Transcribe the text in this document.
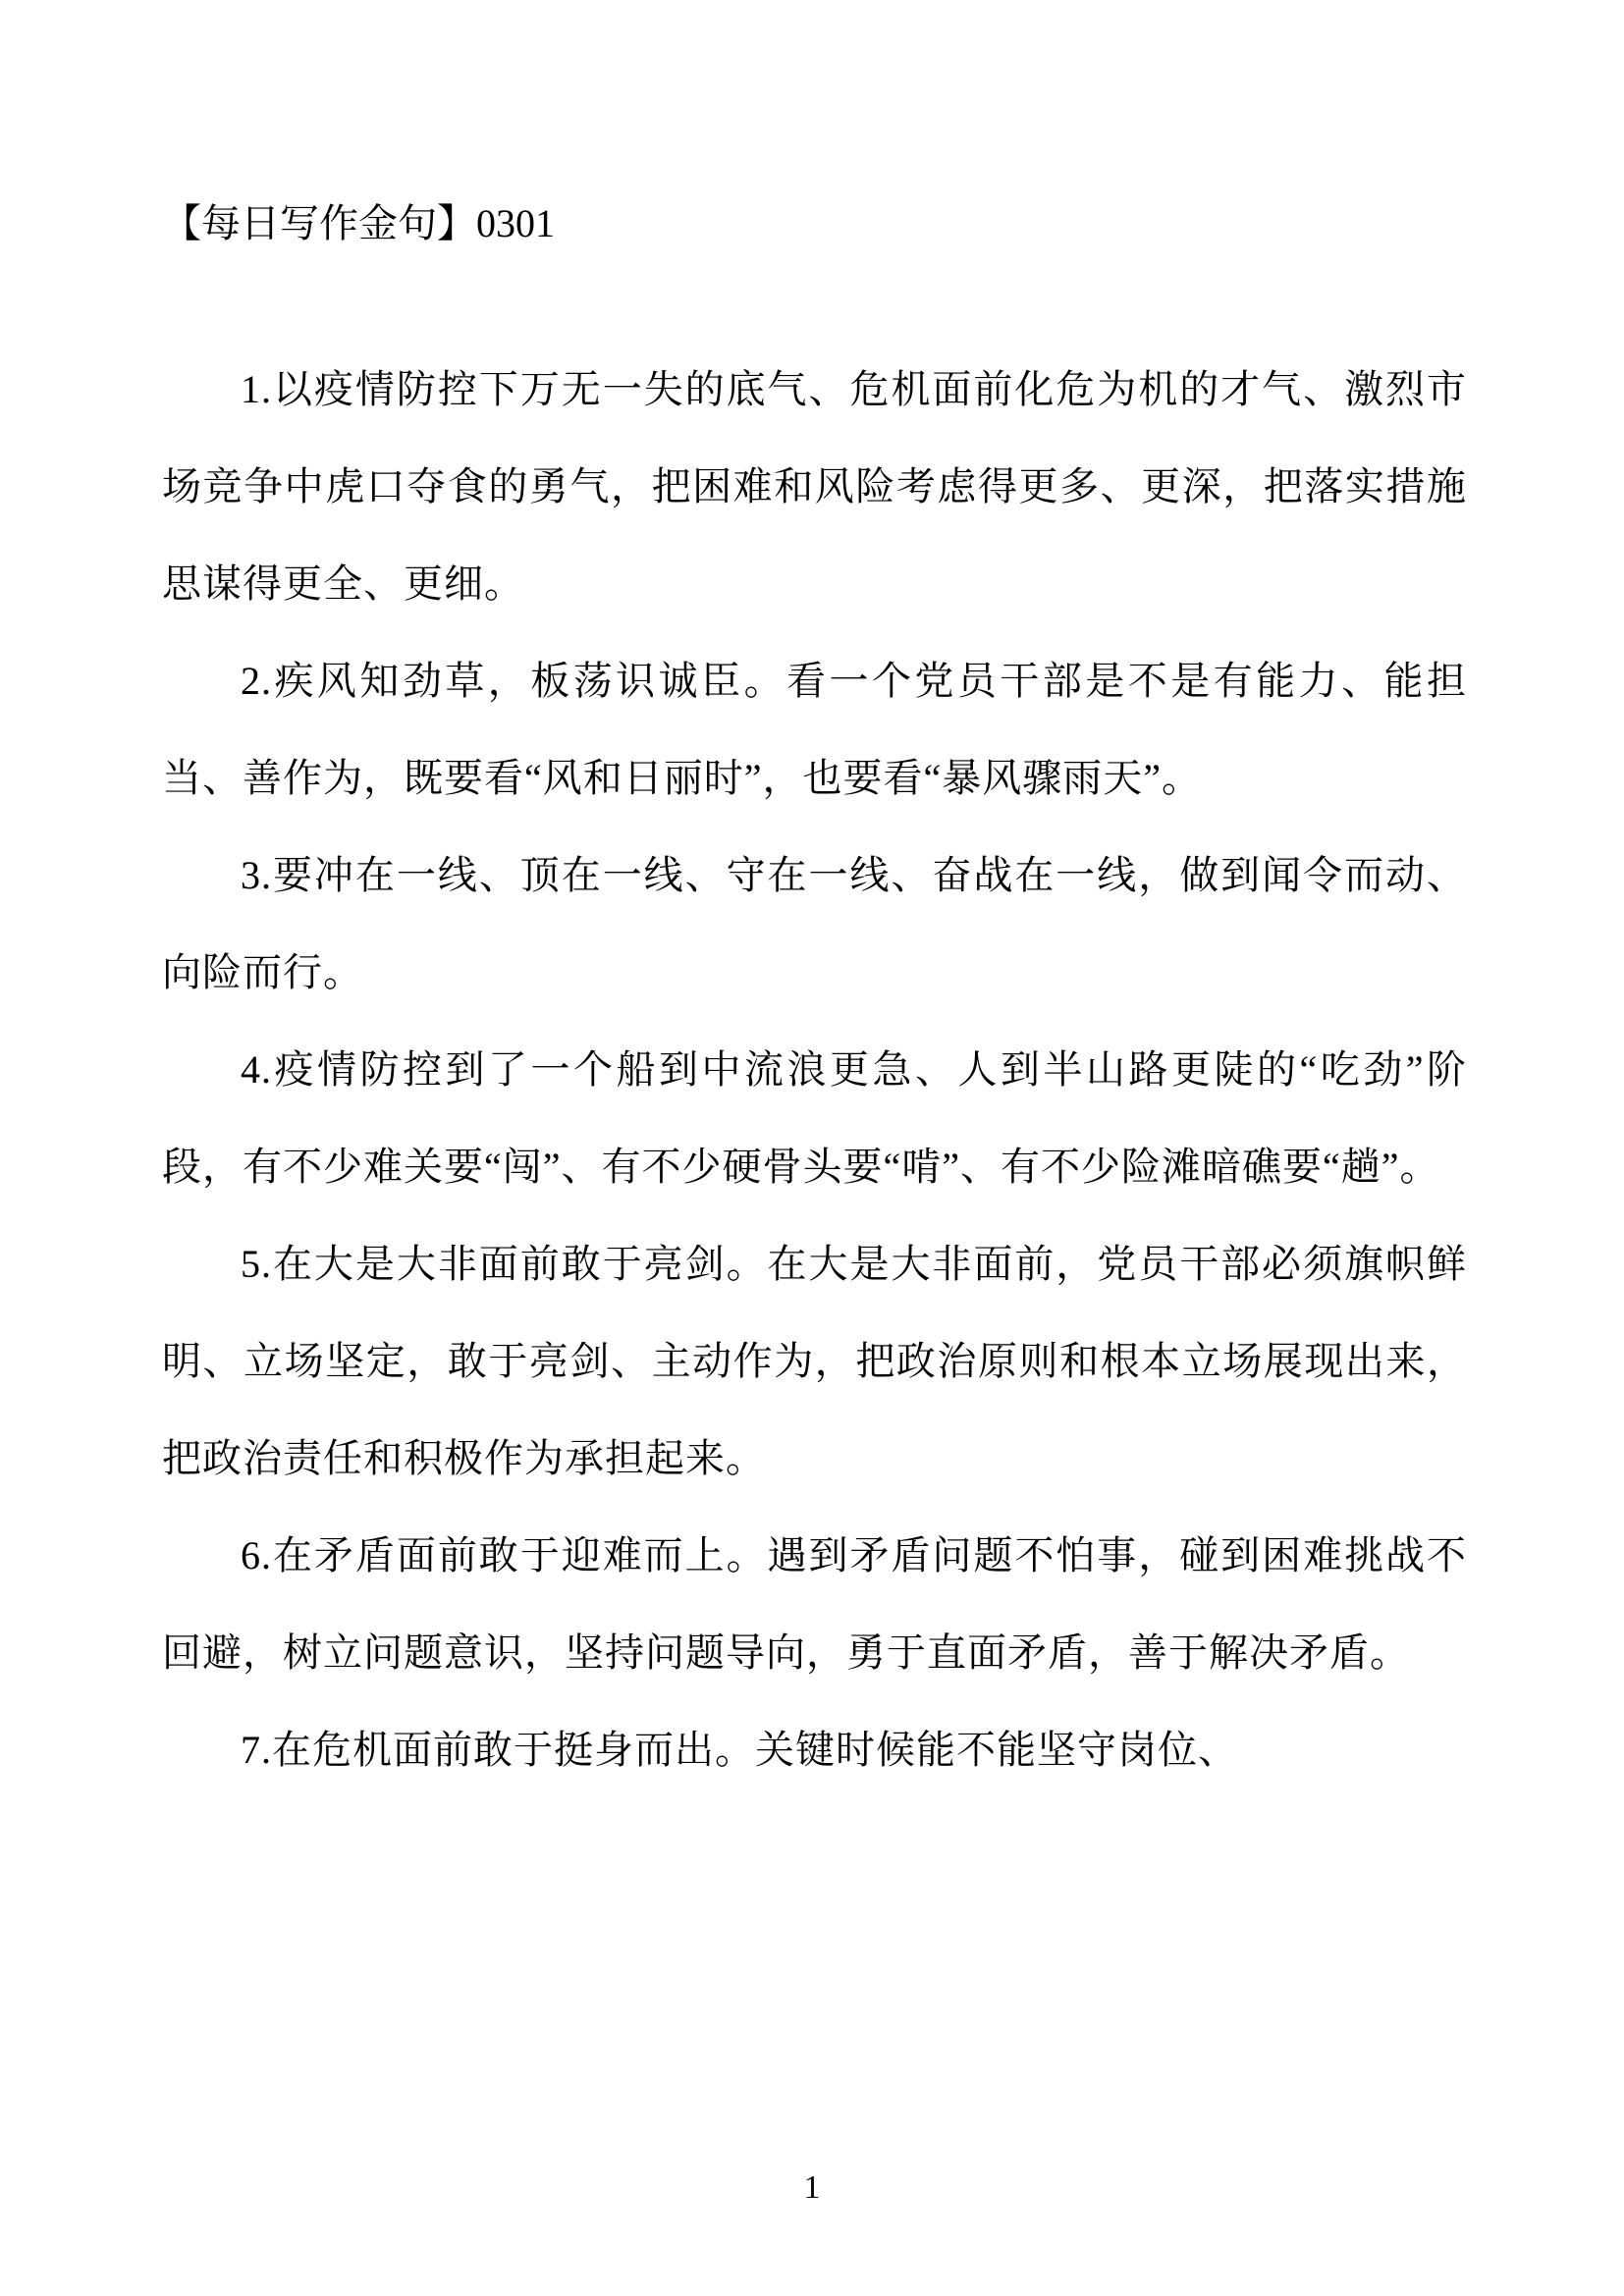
【每日写作金句】0301

1.以疫情防控下万无一失的底气、危机面前化危为机的才气、激烈市场竞争中虎口夺食的勇气，把困难和风险考虑得更多、更深，把落实措施思谋得更全、更细。

2.疾风知劲草，板荡识诚臣。看一个党员干部是不是有能力、能担当、善作为，既要看“风和日丽时”，也要看“暴风骤雨天”。

3.要冲在一线、顶在一线、守在一线、奋战在一线，做到闻令而动、向险而行。

4.疫情防控到了一个船到中流浪更急、人到半山路更陡的“吃劲”阶段，有不少难关要“闯”、有不少硬骨头要“啃”、有不少险滩暗礁要“趟”。

5.在大是大非面前敢于亮剑。在大是大非面前，党员干部必须旗帜鲜明、立场坚定，敢于亮剑、主动作为，把政治原则和根本立场展现出来，把政治责任和积极作为承担起来。

6.在矛盾面前敢于迎难而上。遇到矛盾问题不怕事，碰到困难挑战不回避，树立问题意识，坚持问题导向，勇于直面矛盾，善于解决矛盾。

7.在危机面前敢于挺身而出。关键时候能不能坚守岗位、

1
